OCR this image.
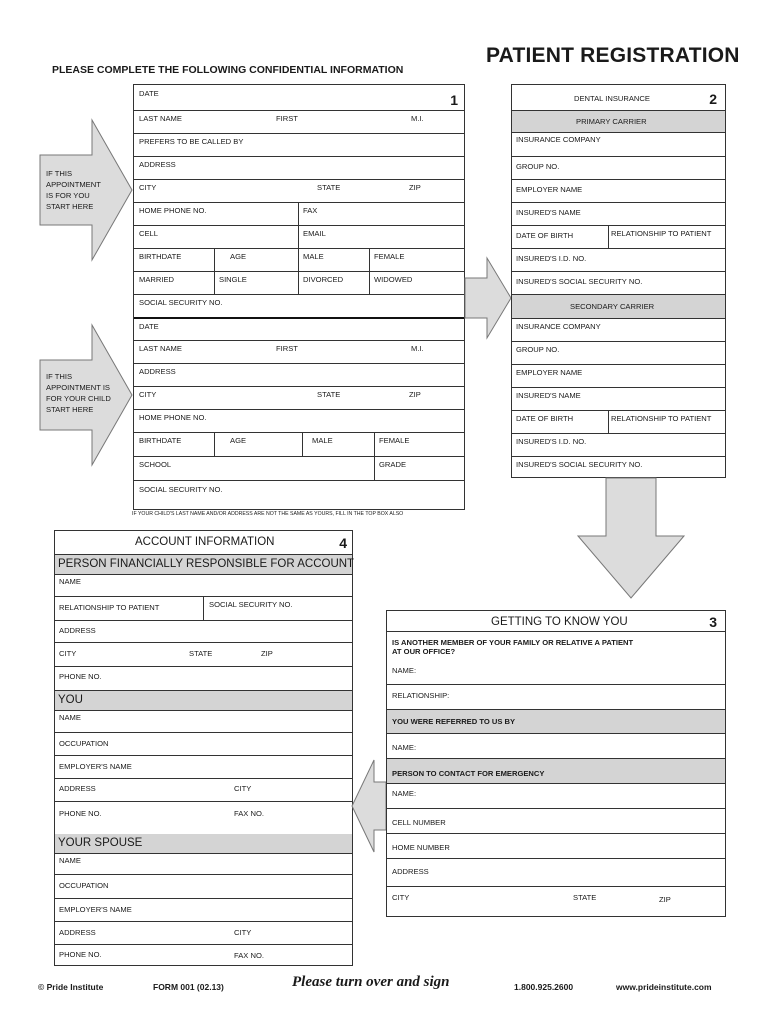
PLEASE COMPLETE THE FOLLOWING CONFIDENTIAL INFORMATION
PATIENT REGISTRATION
IF THIS
APPOINTMENT
IS FOR YOU
START HERE
IF THIS
APPOINTMENT IS
FOR YOUR CHILD
START HERE
DATE	1
LAST NAME	FIRST	M.I.
PREFERS TO BE CALLED BY
ADDRESS
CITY	STATE	ZIP
HOME PHONE NO.	FAX
CELL	EMAIL
BIRTHDATE	AGE	MALE	FEMALE
MARRIED	SINGLE	DIVORCED	WIDOWED
SOCIAL SECURITY NO.
DATE
LAST NAME	FIRST	M.I.
ADDRESS
CITY	STATE	ZIP
HOME PHONE NO.
BIRTHDATE	AGE	MALE	FEMALE
SCHOOL	GRADE
SOCIAL SECURITY NO.
IF YOUR CHILD'S LAST NAME AND/OR ADDRESS ARE NOT THE SAME AS YOURS, FILL IN THE TOP BOX ALSO
DENTAL INSURANCE	2
PRIMARY CARRIER
INSURANCE COMPANY
GROUP NO.
EMPLOYER NAME
INSURED'S NAME
DATE OF BIRTH	RELATIONSHIP TO PATIENT
INSURED'S I.D. NO.
INSURED'S SOCIAL SECURITY NO.
SECONDARY CARRIER
INSURANCE COMPANY
GROUP NO.
EMPLOYER NAME
INSURED'S NAME
DATE OF BIRTH	RELATIONSHIP TO PATIENT
INSURED'S I.D. NO.
INSURED'S SOCIAL SECURITY NO.
ACCOUNT INFORMATION	4
PERSON FINANCIALLY RESPONSIBLE FOR ACCOUNT
NAME
RELATIONSHIP TO PATIENT	SOCIAL SECURITY NO.
ADDRESS
CITY	STATE	ZIP
PHONE NO.
YOU
NAME
OCCUPATION
EMPLOYER'S NAME
ADDRESS	CITY
PHONE NO.	FAX NO.
YOUR SPOUSE
NAME
OCCUPATION
EMPLOYER'S NAME
ADDRESS	CITY
PHONE NO.	FAX NO.
GETTING TO KNOW YOU	3
IS ANOTHER MEMBER OF YOUR FAMILY OR RELATIVE A PATIENT
AT OUR OFFICE?
NAME:
RELATIONSHIP:
YOU WERE REFERRED TO US BY
NAME:
PERSON TO CONTACT FOR EMERGENCY
NAME:
CELL NUMBER
HOME NUMBER
ADDRESS
CITY	STATE	ZIP
© Pride Institute	FORM 001 (02.13)	Please turn over and sign	1.800.925.2600	www.prideinstitute.com
